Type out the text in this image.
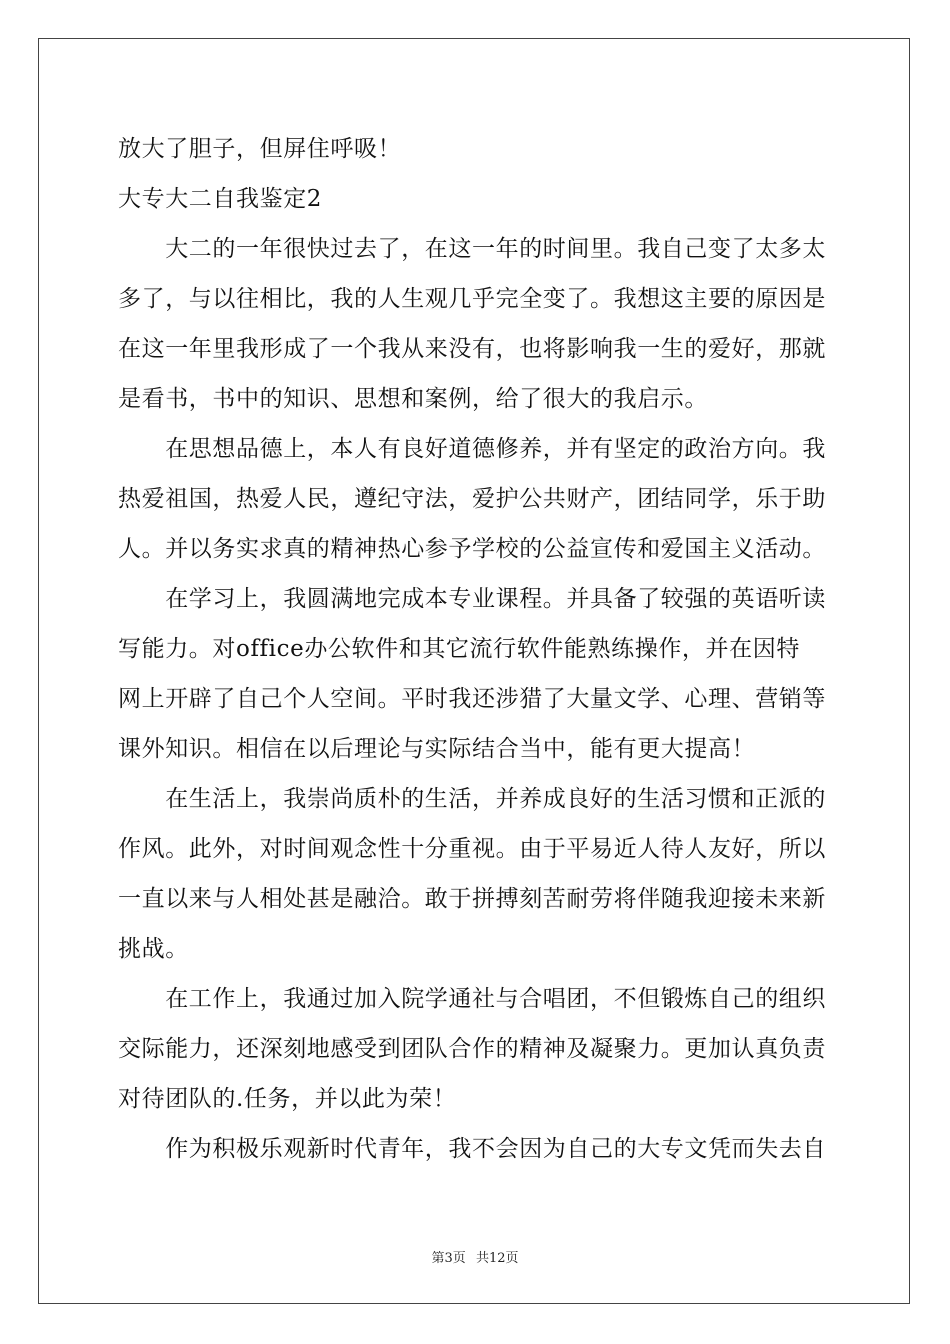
放大了胆子，但屏住呼吸！
大专大二自我鉴定2
　　大二的一年很快过去了，在这一年的时间里。我自己变了太多太
多了，与以往相比，我的人生观几乎完全变了。我想这主要的原因是
在这一年里我形成了一个我从来没有，也将影响我一生的爱好，那就
是看书，书中的知识、思想和案例，给了很大的我启示。
　　在思想品德上，本人有良好道德修养，并有坚定的政治方向。我
热爱祖国，热爱人民，遵纪守法，爱护公共财产，团结同学，乐于助
人。并以务实求真的精神热心参予学校的公益宣传和爱国主义活动。
　　在学习上，我圆满地完成本专业课程。并具备了较强的英语听读
写能力。对office办公软件和其它流行软件能熟练操作，并在因特
网上开辟了自己个人空间。平时我还涉猎了大量文学、心理、营销等
课外知识。相信在以后理论与实际结合当中，能有更大提高！
　　在生活上，我崇尚质朴的生活，并养成良好的生活习惯和正派的
作风。此外，对时间观念性十分重视。由于平易近人待人友好，所以
一直以来与人相处甚是融洽。敢于拼搏刻苦耐劳将伴随我迎接未来新
挑战。
　　在工作上，我通过加入院学通社与合唱团，不但锻炼自己的组织
交际能力，还深刻地感受到团队合作的精神及凝聚力。更加认真负责
对待团队的.任务，并以此为荣！
　　作为积极乐观新时代青年，我不会因为自己的大专文凭而失去自
第3页 共12页
